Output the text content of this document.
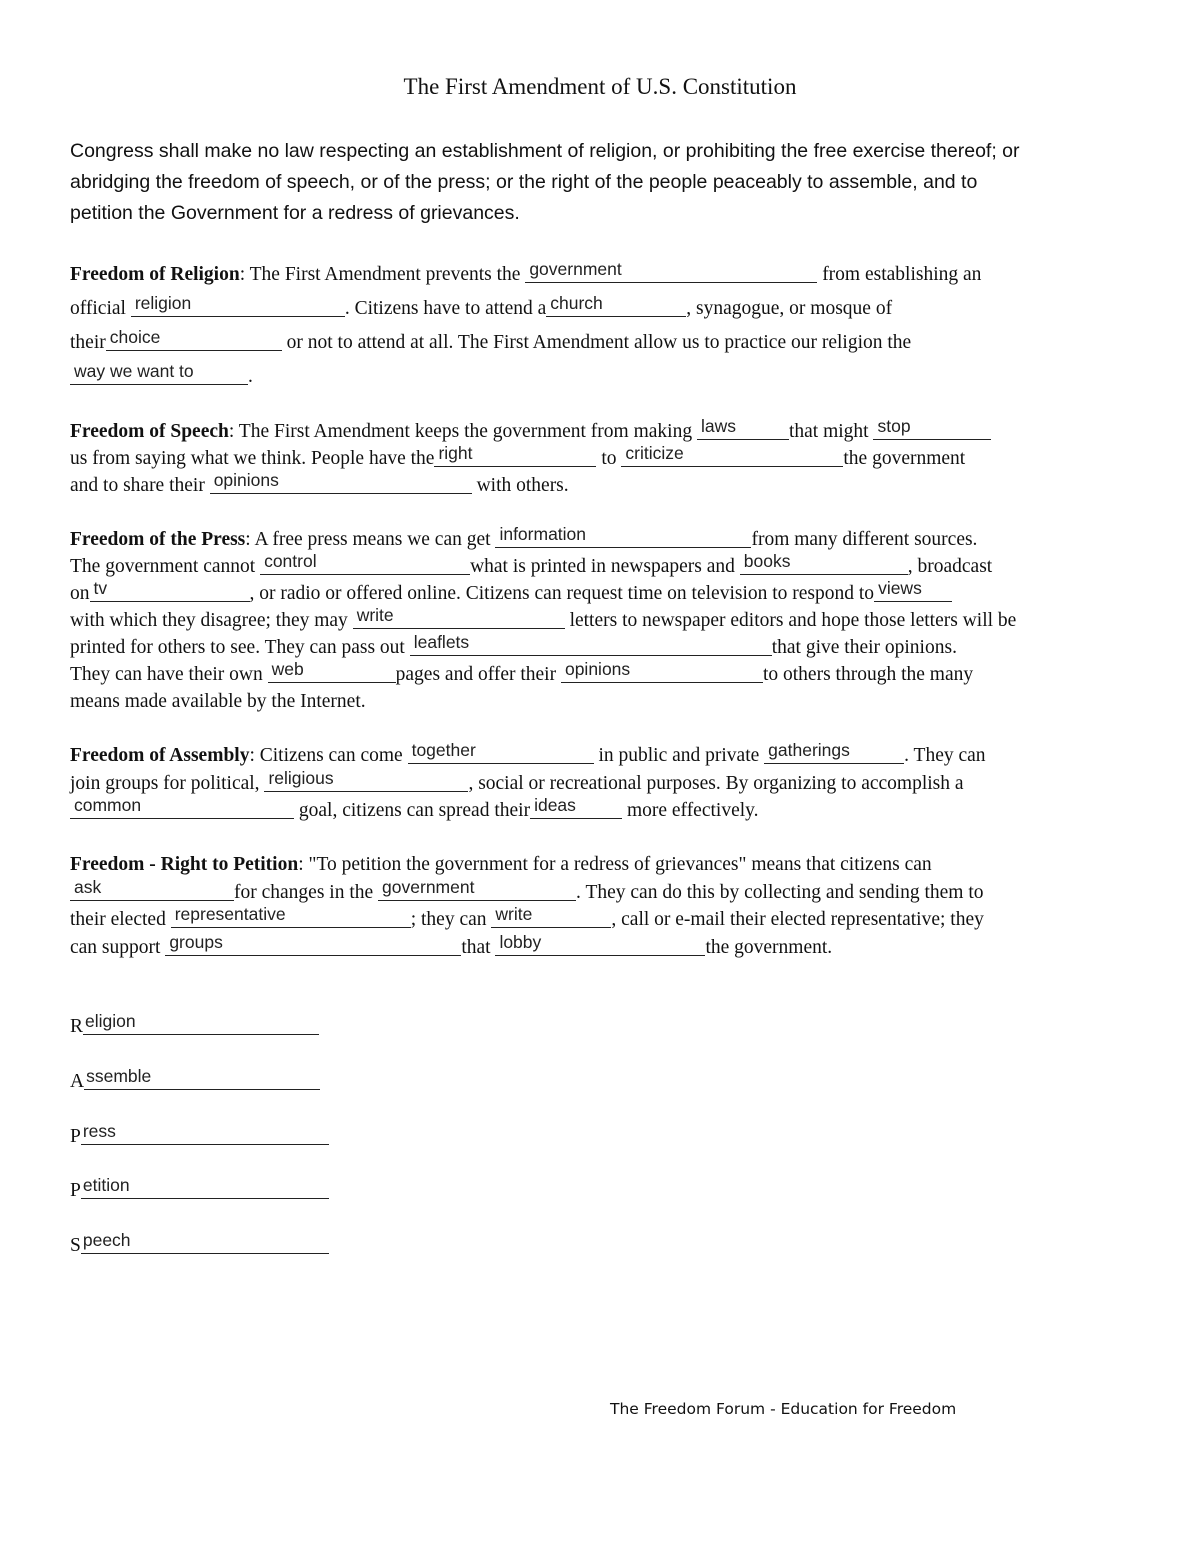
The First Amendment of U.S. Constitution
Congress shall make no law respecting an establishment of religion, or prohibiting the free exercise thereof; or
abridging the freedom of speech, or of the press; or the right of the people peaceably to assemble, and to
petition the Government for a redress of grievances.
Freedom of Religion: The First Amendment prevents the government	from establishing an
official religion	. Citizens have to attend a church	, synagogue, or mosque of
their choice	or not to attend at all. The First Amendment allow us to practice our religion the
way we want to	.
Freedom of Speech: The First Amendment keeps the government from making laws	that might stop
us from saying what we think. People have the right	to criticize	the government
and to share their opinions	with others.
Freedom of the Press: A free press means we can get information	from many different sources.
The government cannot control	what is printed in newspapers and books	, broadcast
on tv	, or radio or offered online. Citizens can request time on television to respond to views
with which they disagree; they may write	letters to newspaper editors and hope those letters will be
printed for others to see. They can pass out leaflets	that give their opinions.
They can have their own web	pages and offer their opinions	to others through the many
means made available by the Internet.
Freedom of Assembly: Citizens can come together	in public and private gatherings	. They can
join groups for political, religious	, social or recreational purposes. By organizing to accomplish a
common	goal, citizens can spread their ideas more effectively.
Freedom - Right to Petition: "To petition the government for a redress of grievances" means that citizens can
ask	for changes in the government	. They can do this by collecting and sending them to
their elected representative	; they can write	, call or e-mail their elected representative; they
can support groups	that lobby	the government.
R eligion
A ssemble
P ress
P etition
S peech
The Freedom Forum - Education for Freedom
